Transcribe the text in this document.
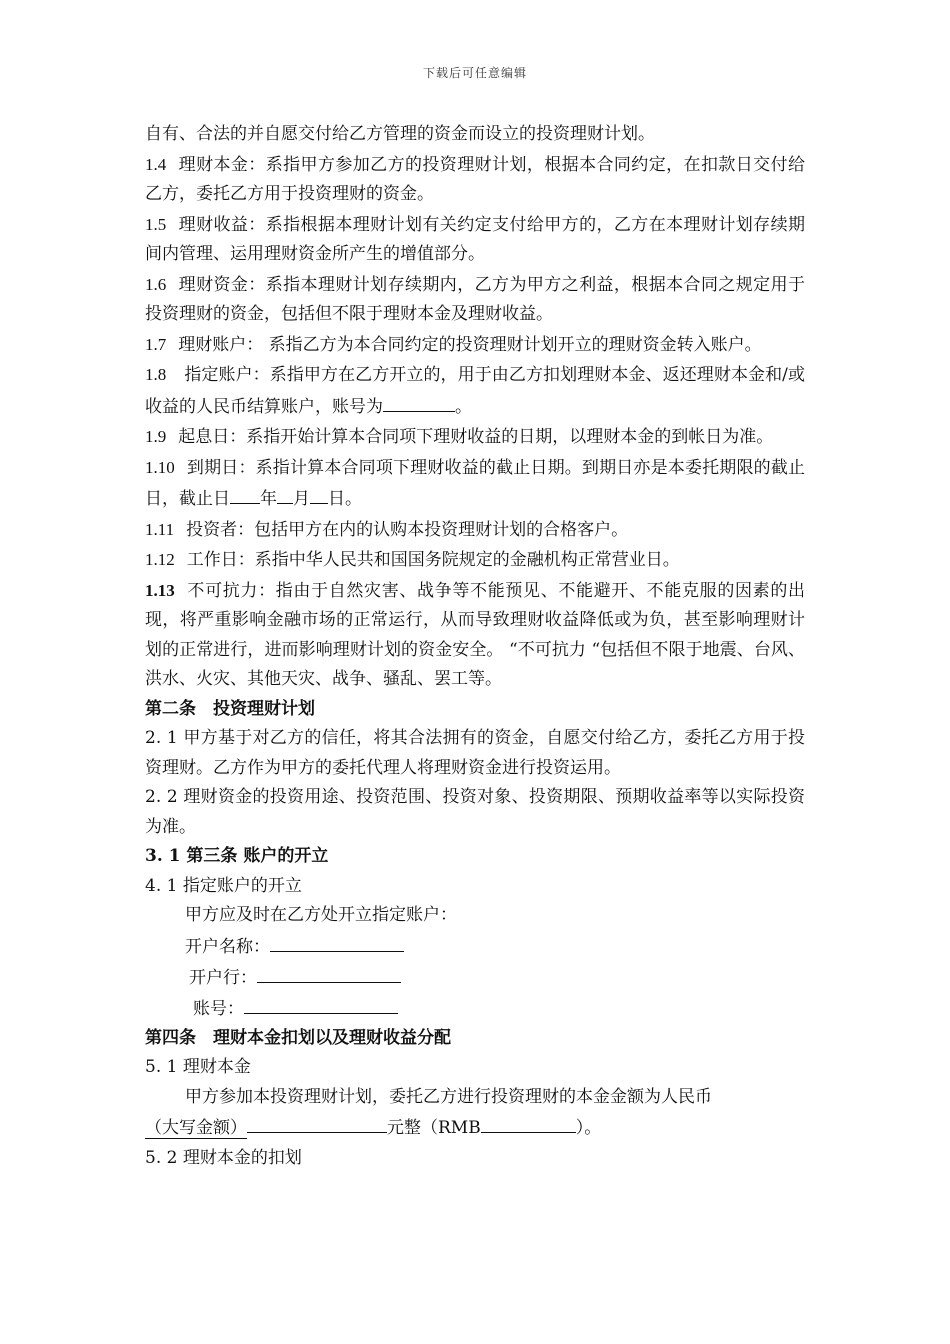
下载后可任意编辑

自有、合法的并自愿交付给乙方管理的资金而设立的投资理财计划。

1.4 理财本金：系指甲方参加乙方的投资理财计划，根据本合同约定，在扣款日交付给乙方，委托乙方用于投资理财的资金。

1.5 理财收益：系指根据本理财计划有关约定支付给甲方的，乙方在本理财计划存续期间内管理、运用理财资金所产生的增值部分。

1.6 理财资金：系指本理财计划存续期内，乙方为甲方之利益，根据本合同之规定用于投资理财的资金，包括但不限于理财本金及理财收益。

1.7 理财账户： 系指乙方为本合同约定的投资理财计划开立的理财资金转入账户。

1.8 指定账户：系指甲方在乙方开立的，用于由乙方扣划理财本金、返还理财本金和/或收益的人民币结算账户，账号为	。

1.9 起息日：系指开始计算本合同项下理财收益的日期，以理财本金的到帐日为准。

1.10 到期日：系指计算本合同项下理财收益的截止日期。到期日亦是本委托期限的截止日，截止日 年 月 日。

1.11 投资者：包括甲方在内的认购本投资理财计划的合格客户。

1.12 工作日：系指中华人民共和国国务院规定的金融机构正常营业日。

1.13 不可抗力：指由于自然灾害、战争等不能预见、不能避开、不能克服的因素的出现，将严重影响金融市场的正常运行，从而导致理财收益降低或为负，甚至影响理财计划的正常进行，进而影响理财计划的资金安全。 “不可抗力 “包括但不限于地震、台风、洪水、火灾、其他天灾、战争、骚乱、罢工等。

第二条　投资理财计划

2. 1 甲方基于对乙方的信任，将其合法拥有的资金，自愿交付给乙方，委托乙方用于投资理财。乙方作为甲方的委托代理人将理财资金进行投资运用。

2. 2 理财资金的投资用途、投资范围、投资对象、投资期限、预期收益率等以实际投资为准。

3. 1 第三条 账户的开立

4. 1 指定账户的开立

甲方应及时在乙方处开立指定账户：

开户名称：

开户行：

账号：

第四条　理财本金扣划以及理财收益分配

5. 1 理财本金

甲方参加本投资理财计划，委托乙方进行投资理财的本金金额为人民币

（大写金额）	元整（RMB	）。

5. 2 理财本金的扣划
